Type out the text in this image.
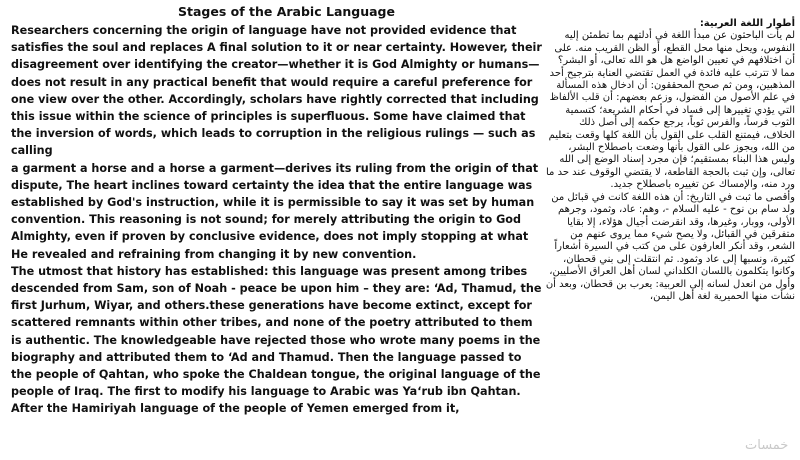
Stages of the Arabic Language

Researchers concerning the origin of language have not provided evidence that satisfies the soul and replaces A final solution to it or near certainty. However, their disagreement over identifying the creator—whether it is God Almighty or humans—does not result in any practical benefit that would require a careful preference for one view over the other. Accordingly, scholars have rightly corrected that including this issue within the science of principles is superfluous. Some have claimed that the inversion of words, which leads to corruption in the religious rulings — such as calling

a garment a horse and a horse a garment—derives its ruling from the origin of that dispute, The heart inclines toward certainty the idea that the entire language was established by God's instruction, while it is permissible to say it was set by human convention. This reasoning is not sound; for merely attributing the origin to God Almighty, even if proven by conclusive evidence, does not imply stopping at what He revealed and refraining from changing it by new convention.

The utmost that history has established: this language was present among tribes descended from Sam, son of Noah - peace be upon him – they are: ‘Ad, Thamud, the first Jurhum, Wiyar, and others.these generations have become extinct, except for scattered remnants within other tribes, and none of the poetry attributed to them is authentic. The knowledgeable have rejected those who wrote many poems in the biography and attributed them to ‘Ad and Thamud. Then the language passed to the people of Qahtan, who spoke the Chaldean tongue, the original language of the people of Iraq. The first to modify his language to Arabic was Ya‘rub ibn Qahtan. After the Hamiriyah language of the people of Yemen emerged from it,

أطوار اللغة العربية:

لم يأت الباحثون عن مبدأ اللغة في أدلتهم بما تطمئن إليه النفوس، ويحل منها محل القطع، أو الظن القريب منه. على أن اختلافهم في تعيين الواضع هل هو الله تعالى، أو البشر؟ مما لا تترتب عليه فائدة في العمل تقتضي العناية بترجيح أحد المذهبين، ومن ثم صحح المحققون: أن ادخال هذه المسألة في علم الأصول من الفضول، وزعم بعضهم: أن قلب الألفاظ التي يؤدي تغييرها إلى فساد في أحكام الشريعة؛ كتسمية الثوب فرساً، والفرس ثوباً، يرجع حكمه إلى أصل ذلك الخلاف، فيمتنع القلب على القول بأن اللغة كلها وقعت بتعليم من الله، ويجوز على القول بأنها وضعت باصطلاح البشر، وليس هذا البناء بمستقيم؛ فإن مجرد إسناد الوضع إلى الله تعالى، وإن ثبت بالحجة القاطعة، لا يقتضي الوقوف عند حد ما ورد منه، والإمساك عن تغييره باصطلاح جديد.

وأقصى ما ثبت في التاريخ: أن هذه اللغة كانت في قبائل من ولد سام بن نوح - عليه السلام -، وهم: عاد، وثمود، وجرهم الأولى، ووبار، وغيرها، وقد انقرضت أجيال هؤلاء، إلا بقايا متفرقين في القبائل، ولا يصح شيء مما يروى عنهم من الشعر، وقد أنكر العارفون على من كتب في السيرة أشعاراً كثيرة، ونسبها إلى عاد وثمود. ثم انتقلت إلى بني قحطان، وكانوا يتكلمون باللسان الكلداني لسان أهل العراق الأصليين، وأول من انعدل لسانه إلى العربية: يعرب بن قحطان، وبعد أن نشأت منها الحميرية لغة أهل اليمن،

خمسات
